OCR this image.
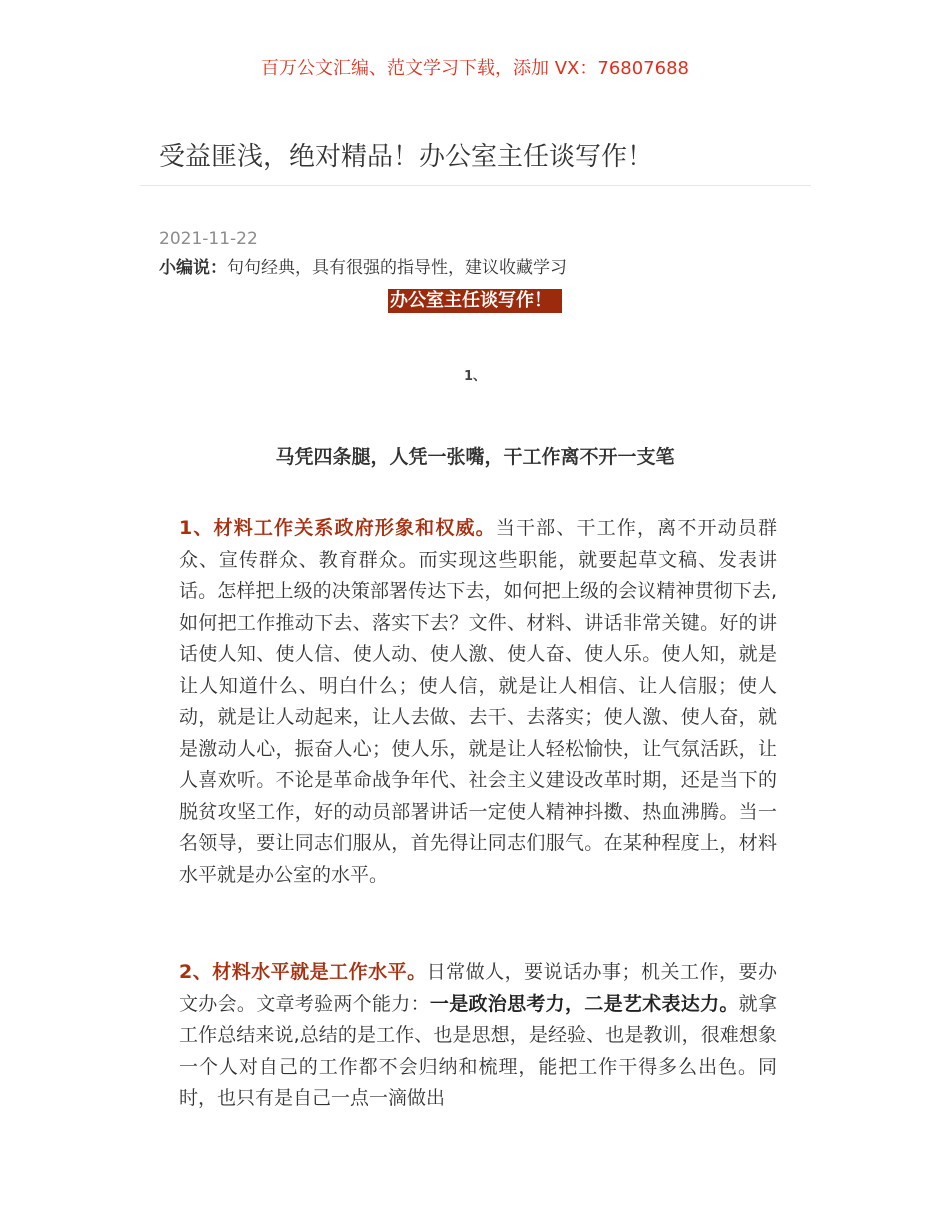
百万公文汇编、范文学习下载，添加 VX：76807688
受益匪浅，绝对精品！办公室主任谈写作！
2021-11-22
小编说：句句经典，具有很强的指导性，建议收藏学习
办公室主任谈写作！
1、
马凭四条腿，人凭一张嘴，干工作离不开一支笔

1、材料工作关系政府形象和权威。当干部、干工作，离不开动员群众、宣传群众、教育群众。而实现这些职能，就要起草文稿、发表讲话。怎样把上级的决策部署传达下去，如何把上级的会议精神贯彻下去,如何把工作推动下去、落实下去？文件、材料、讲话非常关键。好的讲话使人知、使人信、使人动、使人激、使人奋、使人乐。使人知，就是让人知道什么、明白什么；使人信，就是让人相信、让人信服；使人动，就是让人动起来，让人去做、去干、去落实；使人激、使人奋，就是激动人心，振奋人心；使人乐，就是让人轻松愉快，让气氛活跃，让人喜欢听。不论是革命战争年代、社会主义建设改革时期，还是当下的脱贫攻坚工作，好的动员部署讲话一定使人精神抖擞、热血沸腾。当一名领导，要让同志们服从，首先得让同志们服气。在某种程度上，材料水平就是办公室的水平。

2、材料水平就是工作水平。日常做人，要说话办事；机关工作，要办文办会。文章考验两个能力：一是政治思考力，二是艺术表达力。就拿工作总结来说,总结的是工作、也是思想，是经验、也是教训，很难想象一个人对自己的工作都不会归纳和梳理，能把工作干得多么出色。同时，也只有是自己一点一滴做出
